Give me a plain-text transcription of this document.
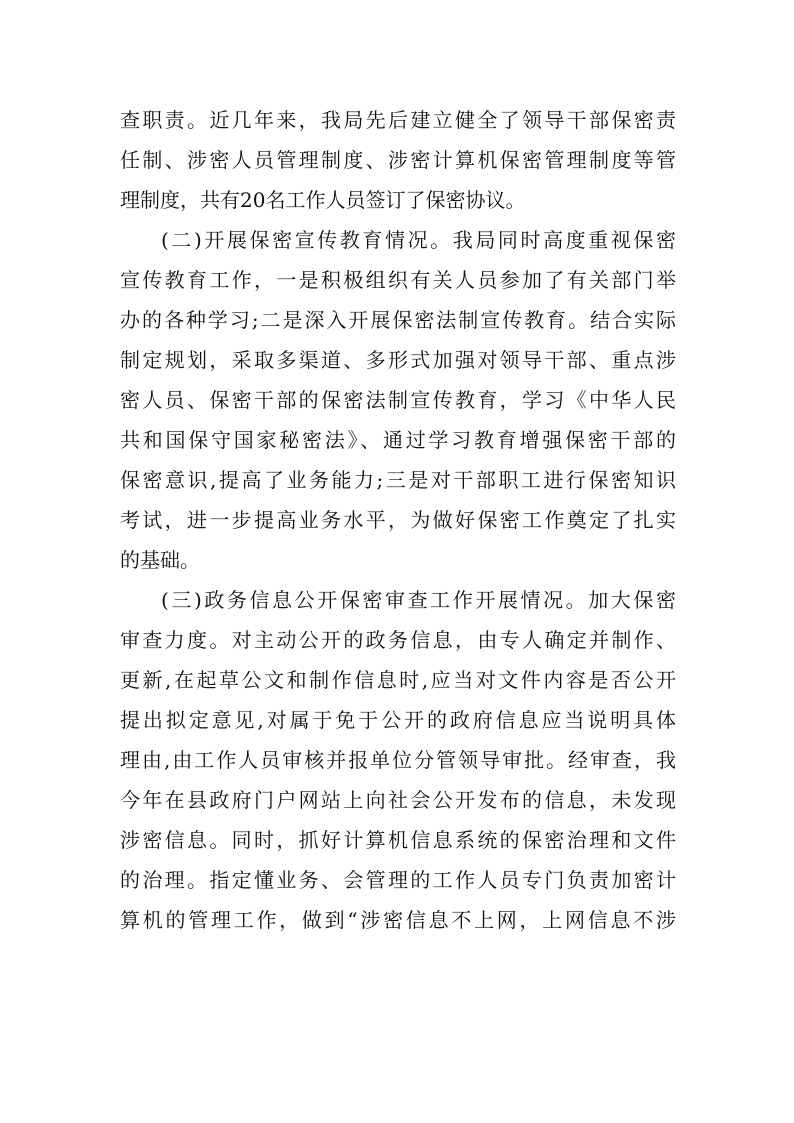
查职责。近几年来，我局先后建立健全了领导干部保密责
任制、涉密人员管理制度、涉密计算机保密管理制度等管
理制度，共有20名工作人员签订了保密协议。
(二)开展保密宣传教育情况。我局同时高度重视保密
宣传教育工作，一是积极组织有关人员参加了有关部门举
办的各种学习;二是深入开展保密法制宣传教育。结合实际
制定规划，采取多渠道、多形式加强对领导干部、重点涉
密人员、保密干部的保密法制宣传教育，学习《中华人民
共和国保守国家秘密法》、通过学习教育增强保密干部的
保密意识,提高了业务能力;三是对干部职工进行保密知识
考试，进一步提高业务水平，为做好保密工作奠定了扎实
的基础。
(三)政务信息公开保密审查工作开展情况。加大保密
审查力度。对主动公开的政务信息，由专人确定并制作、
更新,在起草公文和制作信息时,应当对文件内容是否公开
提出拟定意见,对属于免于公开的政府信息应当说明具体
理由,由工作人员审核并报单位分管领导审批。经审查，我
今年在县政府门户网站上向社会公开发布的信息，未发现
涉密信息。同时，抓好计算机信息系统的保密治理和文件
的治理。指定懂业务、会管理的工作人员专门负责加密计
算机的管理工作，做到“涉密信息不上网，上网信息不涉
